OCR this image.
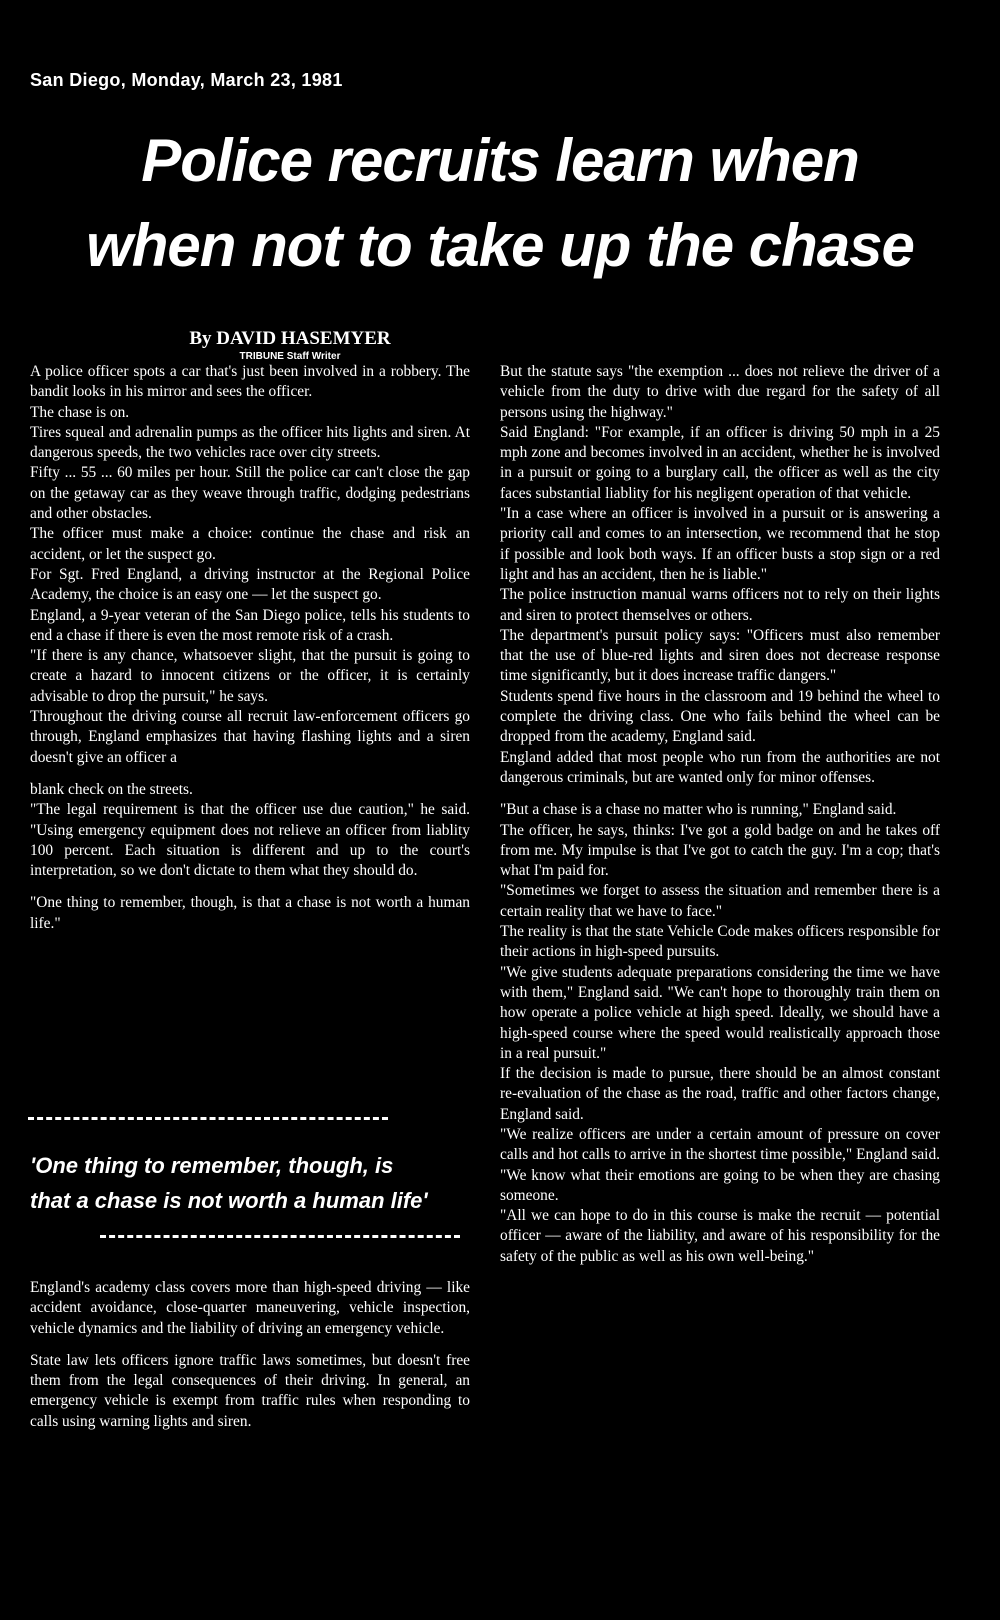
San Diego, Monday, March 23, 1981
Police recruits learn when
when not to take up the chase
By DAVID HASEMYER
TRIBUNE Staff Writer

A police officer spots a car that's just been involved in a robbery. The bandit looks in his mirror and sees the officer.

The chase is on.

Tires squeal and adrenalin pumps as the officer hits lights and siren. At dangerous speeds, the two vehicles race over city streets.

Fifty ... 55 ... 60 miles per hour. Still the police car can't close the gap on the getaway car as they weave through traffic, dodging pedestrians and other obstacles.

The officer must make a choice: continue the chase and risk an accident, or let the suspect go.

For Sgt. Fred England, a driving instructor at the Regional Police Academy, the choice is an easy one — let the suspect go.

England, a 9-year veteran of the San Diego police, tells his students to end a chase if there is even the most remote risk of a crash.

"If there is any chance, whatsoever slight, that the pursuit is going to create a hazard to innocent citizens or the officer, it is certainly advisable to drop the pursuit," he says.

Throughout the driving course all recruit law-enforcement officers go through, England emphasizes that having flashing lights and a siren doesn't give an officer a

blank check on the streets.

"The legal requirement is that the officer use due caution," he said. "Using emergency equipment does not relieve an officer from liablity 100 percent. Each situation is different and up to the court's interpretation, so we don't dictate to them what they should do.

"One thing to remember, though, is that a chase is not worth a human life."

'One thing to remember, though, is
that a chase is not worth a human life'

England's academy class covers more than high-speed driving — like accident avoidance, close-quarter maneuvering, vehicle inspection, vehicle dynamics and the liability of driving an emergency vehicle.

State law lets officers ignore traffic laws sometimes, but doesn't free them from the legal consequences of their driving. In general, an emergency vehicle is exempt from traffic rules when responding to calls using warning lights and siren.

But the statute says "the exemption ... does not relieve the driver of a vehicle from the duty to drive with due regard for the safety of all persons using the highway."

Said England: "For example, if an officer is driving 50 mph in a 25 mph zone and becomes involved in an accident, whether he is involved in a pursuit or going to a burglary call, the officer as well as the city faces substantial liablity for his negligent operation of that vehicle.

"In a case where an officer is involved in a pursuit or is answering a priority call and comes to an intersection, we recommend that he stop if possible and look both ways. If an officer busts a stop sign or a red light and has an accident, then he is liable."

The police instruction manual warns officers not to rely on their lights and siren to protect themselves or others.

The department's pursuit policy says: "Officers must also remember that the use of blue-red lights and siren does not decrease response time significantly, but it does increase traffic dangers."

Students spend five hours in the classroom and 19 behind the wheel to complete the driving class. One who fails behind the wheel can be dropped from the academy, England said.

England added that most people who run from the authorities are not dangerous criminals, but are wanted only for minor offenses.

"But a chase is a chase no matter who is running," England said.

The officer, he says, thinks: I've got a gold badge on and he takes off from me. My impulse is that I've got to catch the guy. I'm a cop; that's what I'm paid for.

"Sometimes we forget to assess the situation and remember there is a certain reality that we have to face."

The reality is that the state Vehicle Code makes officers responsible for their actions in high-speed pursuits.

"We give students adequate preparations considering the time we have with them," England said. "We can't hope to thoroughly train them on how operate a police vehicle at high speed. Ideally, we should have a high-speed course where the speed would realistically approach those in a real pursuit."

If the decision is made to pursue, there should be an almost constant re-evaluation of the chase as the road, traffic and other factors change, England said.

"We realize officers are under a certain amount of pressure on cover calls and hot calls to arrive in the shortest time possible," England said. "We know what their emotions are going to be when they are chasing someone.

"All we can hope to do in this course is make the recruit — potential officer — aware of the liability, and aware of his responsibility for the safety of the public as well as his own well-being."
